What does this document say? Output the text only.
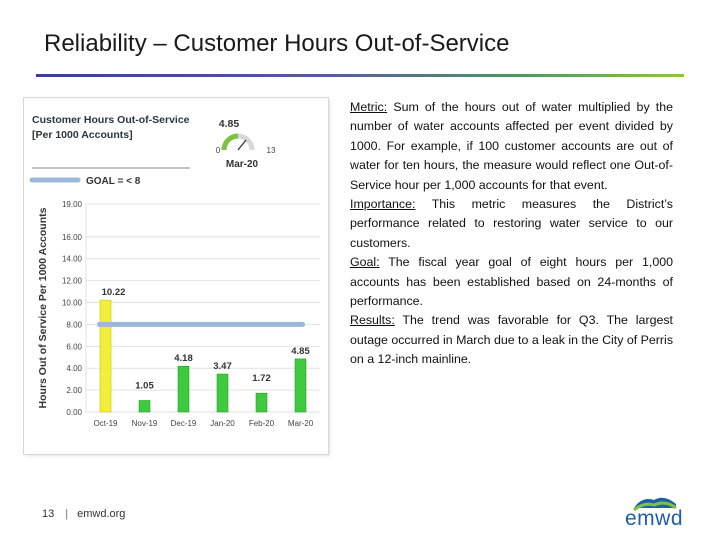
Reliability – Customer Hours Out-of-Service
Customer Hours Out-of-Service
[Per 1000 Accounts]
4.85
0	13
Mar-20
GOAL = < 8
Hours Out of Service Per 1000 Accounts
0.00
2.00
4.00
6.00
8.00
10.00
12.00
14.00
16.00
19.00
10.22
1.05
4.18
3.47
1.72
4.85
Oct-19 Nov-19 Dec-19 Jan-20 Feb-20 Mar-20

Metric: Sum of the hours out of water multiplied by the number of water accounts affected per event divided by 1000. For example, if 100 customer accounts are out of water for ten hours, the measure would reflect one Out-of-Service hour per 1,000 accounts for that event.

Importance: This metric measures the District’s performance related to restoring water service to our customers.

Goal: The fiscal year goal of eight hours per 1,000 accounts has been established based on 24-months of performance.

Results: The trend was favorable for Q3. The largest outage occurred in March due to a leak in the City of Perris on a 12-inch mainline.

13 | emwd.org	emwd
